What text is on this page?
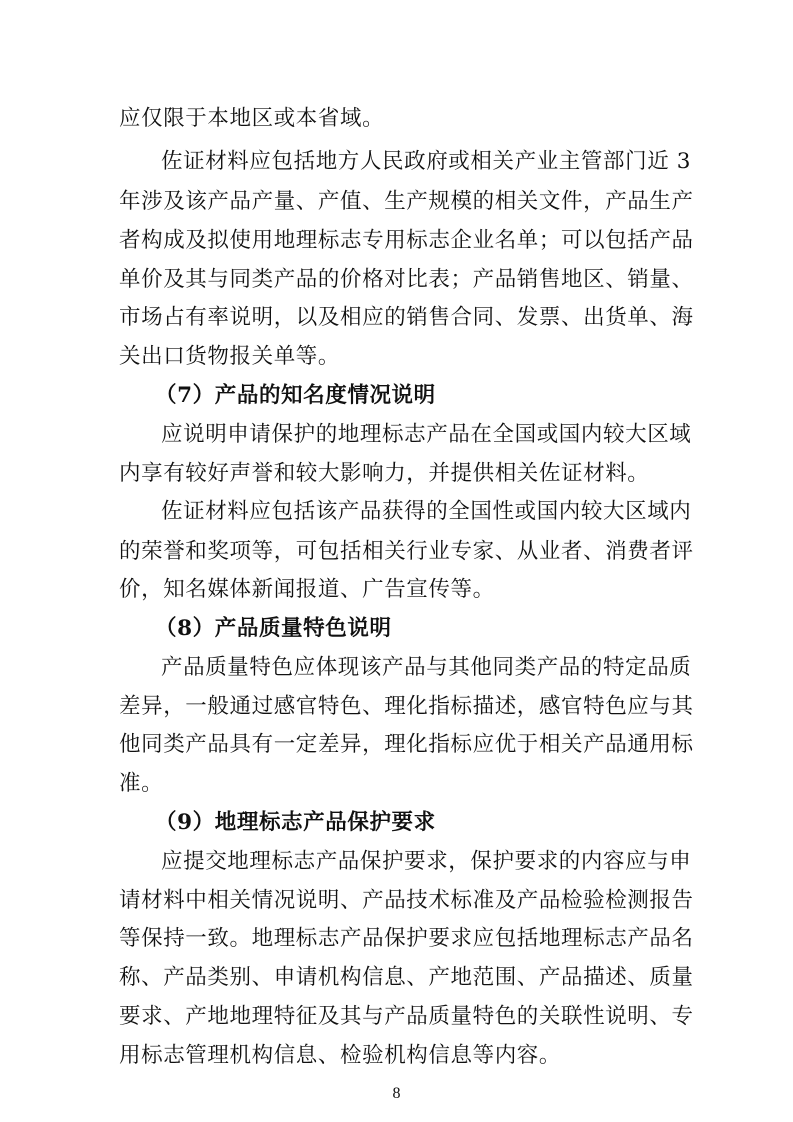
应仅限于本地区或本省域。
佐证材料应包括地方人民政府或相关产业主管部门近 3
年涉及该产品产量、产值、生产规模的相关文件，产品生产
者构成及拟使用地理标志专用标志企业名单；可以包括产品
单价及其与同类产品的价格对比表；产品销售地区、销量、
市场占有率说明，以及相应的销售合同、发票、出货单、海
关出口货物报关单等。
（7）产品的知名度情况说明
应说明申请保护的地理标志产品在全国或国内较大区域
内享有较好声誉和较大影响力，并提供相关佐证材料。
佐证材料应包括该产品获得的全国性或国内较大区域内
的荣誉和奖项等，可包括相关行业专家、从业者、消费者评
价，知名媒体新闻报道、广告宣传等。
（8）产品质量特色说明
产品质量特色应体现该产品与其他同类产品的特定品质
差异，一般通过感官特色、理化指标描述，感官特色应与其
他同类产品具有一定差异，理化指标应优于相关产品通用标
准。
（9）地理标志产品保护要求
应提交地理标志产品保护要求，保护要求的内容应与申
请材料中相关情况说明、产品技术标准及产品检验检测报告
等保持一致。地理标志产品保护要求应包括地理标志产品名
称、产品类别、申请机构信息、产地范围、产品描述、质量
要求、产地地理特征及其与产品质量特色的关联性说明、专
用标志管理机构信息、检验机构信息等内容。
8
